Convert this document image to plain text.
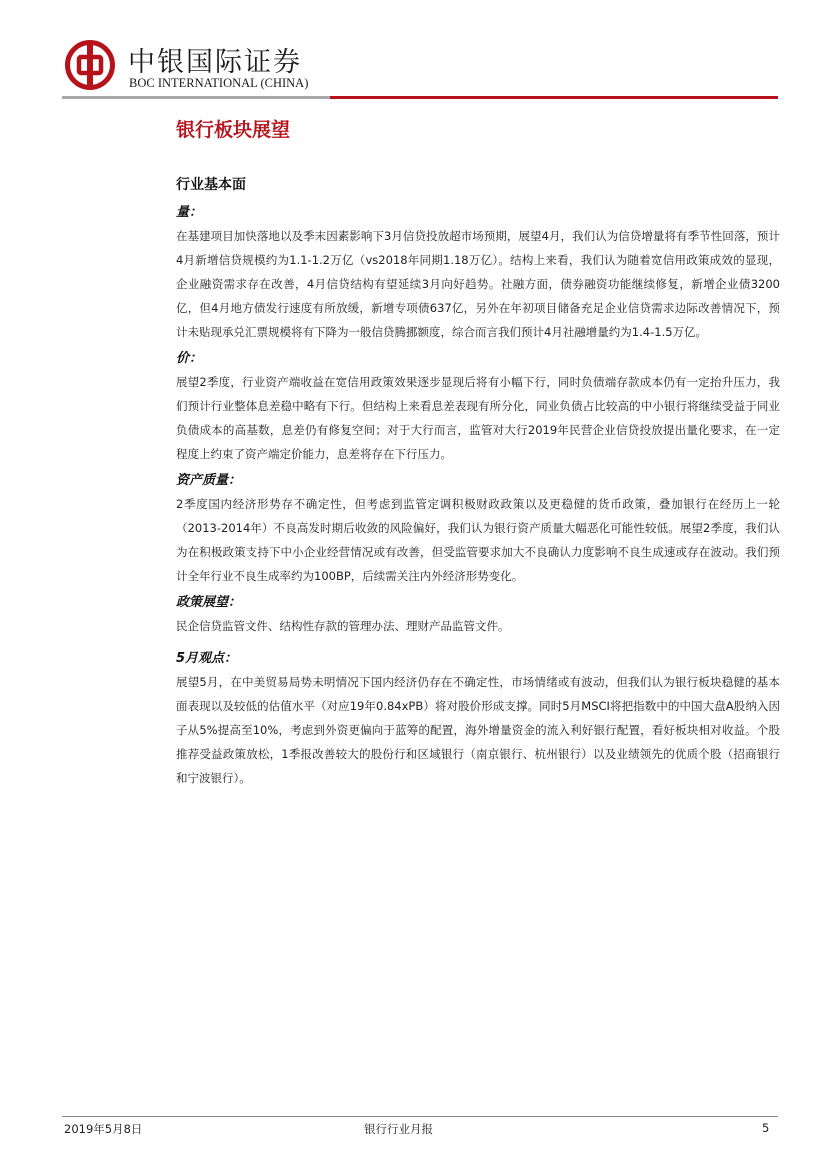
中银国际证券
BOC INTERNATIONAL (CHINA)
银行板块展望
行业基本面
量：

在基建项目加快落地以及季末因素影响下3月信贷投放超市场预期，展望4月，我们认为信贷增量将有季节性回落，预计4月新增信贷规模约为1.1-1.2万亿（vs2018年同期1.18万亿）。结构上来看，我们认为随着宽信用政策成效的显现，企业融资需求存在改善，4月信贷结构有望延续3月向好趋势。社融方面，债券融资功能继续修复，新增企业债3200亿，但4月地方债发行速度有所放缓，新增专项债637亿，另外在年初项目储备充足企业信贷需求边际改善情况下，预计未贴现承兑汇票规模将有下降为一般信贷腾挪额度，综合而言我们预计4月社融增量约为1.4-1.5万亿。

价：

展望2季度，行业资产端收益在宽信用政策效果逐步显现后将有小幅下行，同时负债端存款成本仍有一定抬升压力，我们预计行业整体息差稳中略有下行。但结构上来看息差表现有所分化，同业负债占比较高的中小银行将继续受益于同业负债成本的高基数，息差仍有修复空间；对于大行而言，监管对大行2019年民营企业信贷投放提出量化要求，在一定程度上约束了资产端定价能力，息差将存在下行压力。

资产质量：

2季度国内经济形势存不确定性，但考虑到监管定调积极财政政策以及更稳健的货币政策，叠加银行在经历上一轮（2013-2014年）不良高发时期后收敛的风险偏好，我们认为银行资产质量大幅恶化可能性较低。展望2季度，我们认为在积极政策支持下中小企业经营情况或有改善，但受监管要求加大不良确认力度影响不良生成速或存在波动。我们预计全年行业不良生成率约为100BP，后续需关注内外经济形势变化。

政策展望：

民企信贷监管文件、结构性存款的管理办法、理财产品监管文件。

5月观点：

展望5月，在中美贸易局势未明情况下国内经济仍存在不确定性，市场情绪或有波动，但我们认为银行板块稳健的基本面表现以及较低的估值水平（对应19年0.84xPB）将对股价形成支撑。同时5月MSCI将把指数中的中国大盘A股纳入因子从5%提高至10%，考虑到外资更偏向于蓝筹的配置，海外增量资金的流入利好银行配置，看好板块相对收益。个股推荐受益政策放松，1季报改善较大的股份行和区域银行（南京银行、杭州银行）以及业绩领先的优质个股（招商银行和宁波银行）。

2019年5月8日	银行行业月报	5
